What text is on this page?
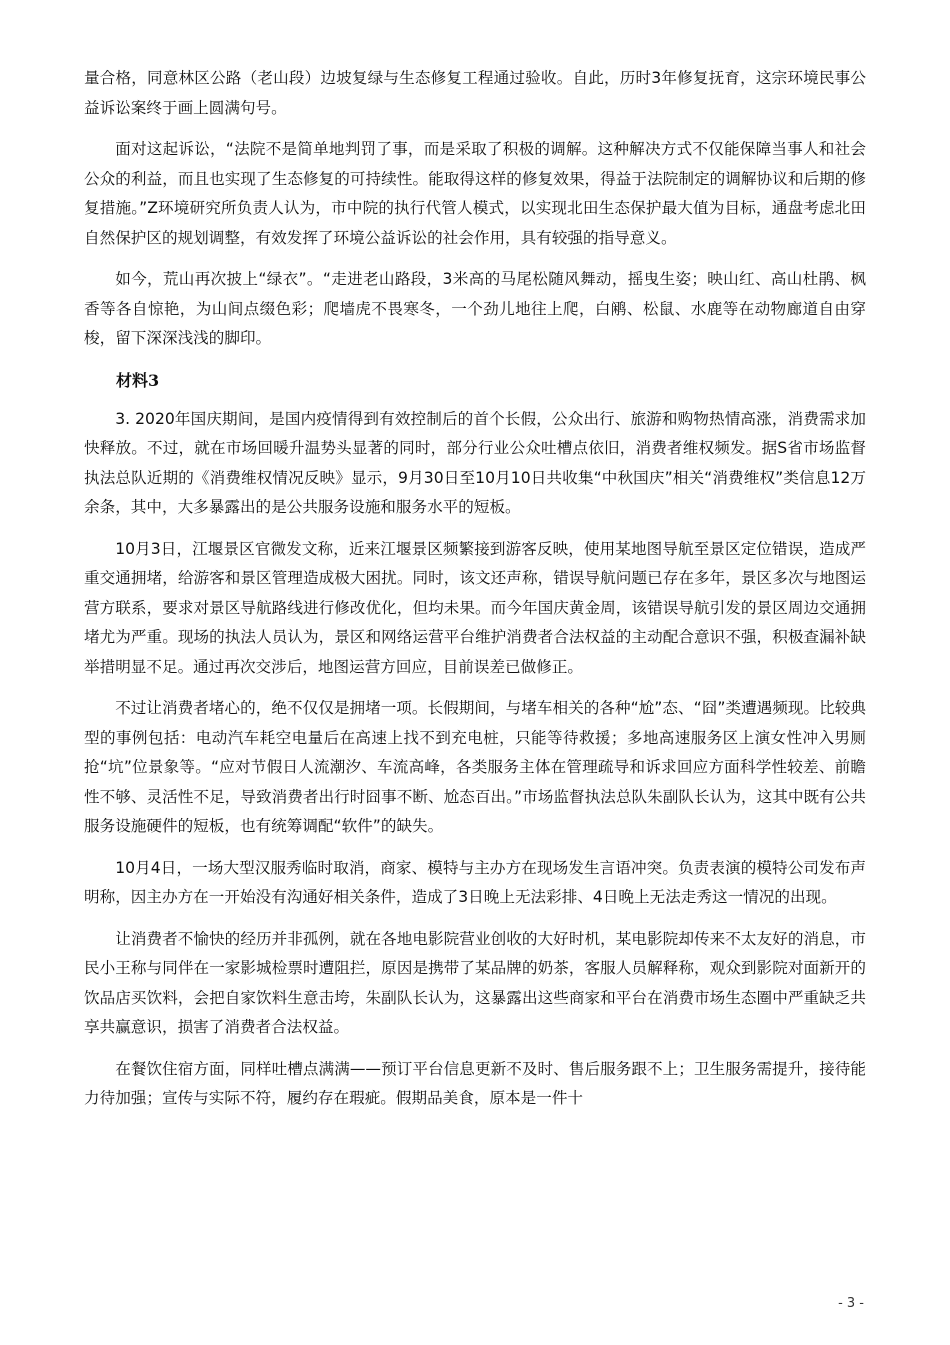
量合格，同意林区公路（老山段）边坡复绿与生态修复工程通过验收。自此，历时3年修复抚育，这宗环境民事公益诉讼案终于画上圆满句号。

面对这起诉讼，“法院不是简单地判罚了事，而是采取了积极的调解。这种解决方式不仅能保障当事人和社会公众的利益，而且也实现了生态修复的可持续性。能取得这样的修复效果，得益于法院制定的调解协议和后期的修复措施。”Z环境研究所负责人认为，市中院的执行代管人模式，以实现北田生态保护最大值为目标，通盘考虑北田自然保护区的规划调整，有效发挥了环境公益诉讼的社会作用，具有较强的指导意义。

如今，荒山再次披上“绿衣”。“走进老山路段，3米高的马尾松随风舞动，摇曳生姿；映山红、高山杜鹃、枫香等各自惊艳，为山间点缀色彩；爬墙虎不畏寒冬，一个劲儿地往上爬，白鹇、松鼠、水鹿等在动物廊道自由穿梭，留下深深浅浅的脚印。

材料3

3. 2020年国庆期间，是国内疫情得到有效控制后的首个长假，公众出行、旅游和购物热情高涨，消费需求加快释放。不过，就在市场回暖升温势头显著的同时，部分行业公众吐槽点依旧，消费者维权频发。据S省市场监督执法总队近期的《消费维权情况反映》显示，9月30日至10月10日共收集“中秋国庆”相关“消费维权”类信息12万余条，其中，大多暴露出的是公共服务设施和服务水平的短板。

10月3日，江堰景区官微发文称，近来江堰景区频繁接到游客反映，使用某地图导航至景区定位错误，造成严重交通拥堵，给游客和景区管理造成极大困扰。同时，该文还声称，错误导航问题已存在多年，景区多次与地图运营方联系，要求对景区导航路线进行修改优化，但均未果。而今年国庆黄金周，该错误导航引发的景区周边交通拥堵尤为严重。现场的执法人员认为，景区和网络运营平台维护消费者合法权益的主动配合意识不强，积极查漏补缺举措明显不足。通过再次交涉后，地图运营方回应，目前误差已做修正。

不过让消费者堵心的，绝不仅仅是拥堵一项。长假期间，与堵车相关的各种“尬”态、“囧”类遭遇频现。比较典型的事例包括：电动汽车耗空电量后在高速上找不到充电桩，只能等待救援；多地高速服务区上演女性冲入男厕抢“坑”位景象等。“应对节假日人流潮汐、车流高峰，各类服务主体在管理疏导和诉求回应方面科学性较差、前瞻性不够、灵活性不足，导致消费者出行时囧事不断、尬态百出。”市场监督执法总队朱副队长认为，这其中既有公共服务设施硬件的短板，也有统筹调配“软件”的缺失。

10月4日，一场大型汉服秀临时取消，商家、模特与主办方在现场发生言语冲突。负责表演的模特公司发布声明称，因主办方在一开始没有沟通好相关条件，造成了3日晚上无法彩排、4日晚上无法走秀这一情况的出现。

让消费者不愉快的经历并非孤例，就在各地电影院营业创收的大好时机，某电影院却传来不太友好的消息，市民小王称与同伴在一家影城检票时遭阻拦，原因是携带了某品牌的奶茶，客服人员解释称，观众到影院对面新开的饮品店买饮料，会把自家饮料生意击垮，朱副队长认为，这暴露出这些商家和平台在消费市场生态圈中严重缺乏共享共赢意识，损害了消费者合法权益。

在餐饮住宿方面，同样吐槽点满满——预订平台信息更新不及时、售后服务跟不上；卫生服务需提升，接待能力待加强；宣传与实际不符，履约存在瑕疵。假期品美食，原本是一件十

- 3 -
